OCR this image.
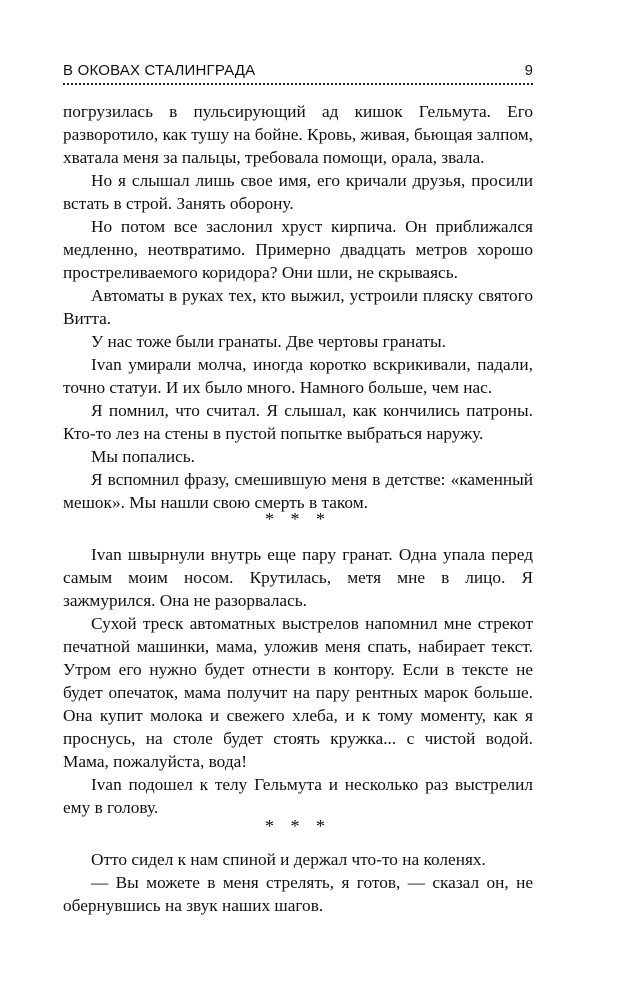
В ОКОВАХ СТАЛИНГРАДА	9

погрузилась в пульсирующий ад кишок Гельмута. Его разворотило, как тушу на бойне. Кровь, живая, бьющая залпом, хватала меня за пальцы, требовала помощи, орала, звала.

Но я слышал лишь свое имя, его кричали друзья, просили встать в строй. Занять оборону.

Но потом все заслонил хруст кирпича. Он приближался медленно, неотвратимо. Примерно двадцать метров хорошо простреливаемого коридора? Они шли, не скрываясь.

Автоматы в руках тех, кто выжил, устроили пляску святого Витта.

У нас тоже были гранаты. Две чертовы гранаты.

Ivan умирали молча, иногда коротко вскрикивали, падали, точно статуи. И их было много. Намного больше, чем нас.

Я помнил, что считал. Я слышал, как кончились патроны. Кто-то лез на стены в пустой попытке выбраться наружу.

Мы попались.

Я вспомнил фразу, смешившую меня в детстве: «каменный мешок». Мы нашли свою смерть в таком.

* * *

Ivan швырнули внутрь еще пару гранат. Одна упала перед самым моим носом. Крутилась, метя мне в лицо. Я зажмурился. Она не разорвалась.

Сухой треск автоматных выстрелов напомнил мне стрекот печатной машинки, мама, уложив меня спать, набирает текст. Утром его нужно будет отнести в контору. Если в тексте не будет опечаток, мама получит на пару рентных марок больше. Она купит молока и свежего хлеба, и к тому моменту, как я проснусь, на столе будет стоять кружка... с чистой водой. Мама, пожалуйста, вода!

Ivan подошел к телу Гельмута и несколько раз выстрелил ему в голову.

* * *

Отто сидел к нам спиной и держал что-то на коленях.

— Вы можете в меня стрелять, я готов, — сказал он, не обернувшись на звук наших шагов.
